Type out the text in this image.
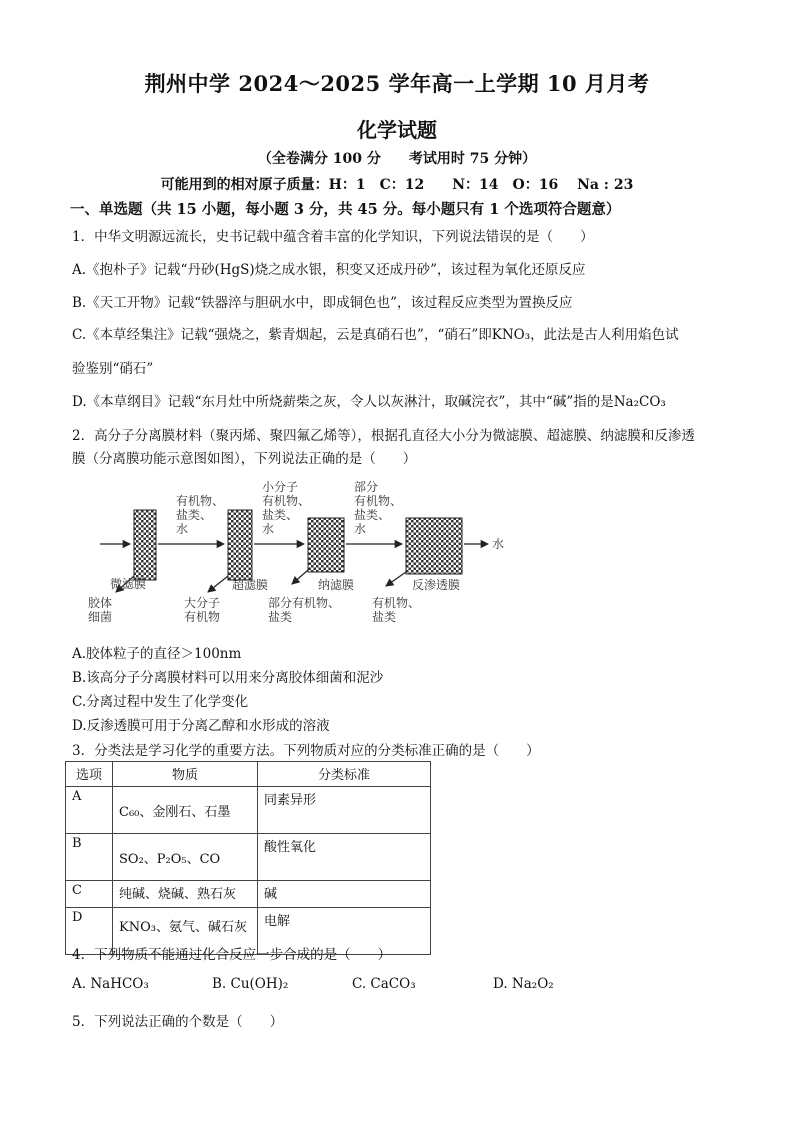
荆州中学 2024～2025 学年高一上学期 10 月月考
化学试题
（全卷满分 100 分　　考试用时 75 分钟）
可能用到的相对原子质量：H：1　C：12　　N：14　O：16　 Na : 23
一、单选题（共 15 小题，每小题 3 分，共 45 分。每小题只有 1 个选项符合题意）
1．中华文明源远流长，史书记载中蕴含着丰富的化学知识，下列说法错误的是（　　）
A.《抱朴子》记载“丹砂(HgS)烧之成水银，积变又还成丹砂”，该过程为氧化还原反应
B.《天工开物》记载“铁器淬与胆矾水中，即成铜色也”，该过程反应类型为置换反应
C.《本草经集注》记载“强烧之，紫青烟起，云是真硝石也”，“硝石”即KNO₃，此法是古人利用焰色试
验鉴别“硝石”
D.《本草纲目》记载“东月灶中所烧薪柴之灰，令人以灰淋汁，取碱浣衣”，其中“碱”指的是Na₂CO₃
2．高分子分离膜材料（聚丙烯、聚四氟乙烯等），根据孔直径大小分为微滤膜、超滤膜、纳滤膜和反渗透
膜（分离膜功能示意图如图），下列说法正确的是（　　）
微滤膜	超滤膜	纳滤膜	反渗透膜
有机物、
盐类、
水
小分子
有机物、
盐类、
水
部分
有机物、
盐类、
水
水
胶体
细菌
大分子
有机物
部分有机物、
盐类
有机物、
盐类
A.胶体粒子的直径＞100nm
B.该高分子分离膜材料可以用来分离胶体细菌和泥沙
C.分离过程中发生了化学变化
D.反渗透膜可用于分离乙醇和水形成的溶液
3．分类法是学习化学的重要方法。下列物质对应的分类标准正确的是（　　）
选项	物质	分类标准
A	C₆₀、金刚石、石墨	同素异形
B	SO₂、P₂O₅、CO	酸性氧化
C	纯碱、烧碱、熟石灰	碱
D	KNO₃、氨气、碱石灰	电解
4．下列物质不能通过化合反应一步合成的是（　　）
A. NaHCO₃	B. Cu(OH)₂	C. CaCO₃	D. Na₂O₂
5．下列说法正确的个数是（　　）
